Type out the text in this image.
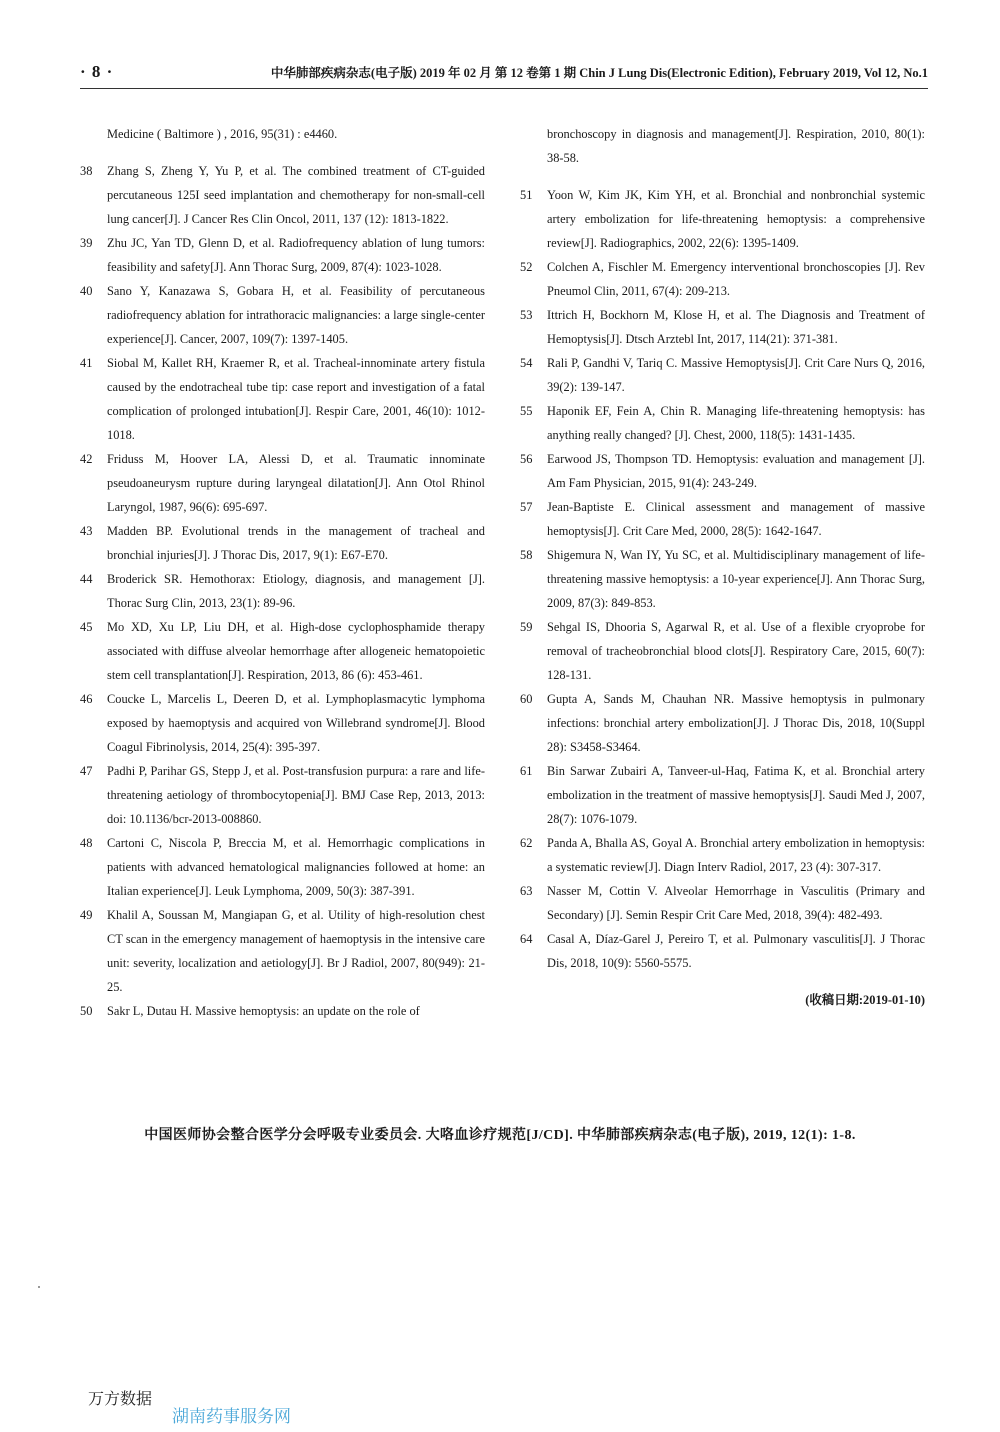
· 8 ·	中华肺部疾病杂志(电子版) 2019 年 02 月 第 12 卷第 1 期 Chin J Lung Dis(Electronic Edition), February 2019, Vol 12, No.1

Medicine ( Baltimore ) , 2016, 95(31) : e4460.

38	Zhang S, Zheng Y, Yu P, et al. The combined treatment of CT-guided percutaneous 125I seed implantation and chemotherapy for non-small-cell lung cancer[J]. J Cancer Res Clin Oncol, 2011, 137 (12): 1813-1822.
39	Zhu JC, Yan TD, Glenn D, et al. Radiofrequency ablation of lung tumors: feasibility and safety[J]. Ann Thorac Surg, 2009, 87(4): 1023-1028.
40	Sano Y, Kanazawa S, Gobara H, et al. Feasibility of percutaneous radiofrequency ablation for intrathoracic malignancies: a large single-center experience[J]. Cancer, 2007, 109(7): 1397-1405.
41	Siobal M, Kallet RH, Kraemer R, et al. Tracheal-innominate artery fistula caused by the endotracheal tube tip: case report and investigation of a fatal complication of prolonged intubation[J]. Respir Care, 2001, 46(10): 1012-1018.
42	Friduss M, Hoover LA, Alessi D, et al. Traumatic innominate pseudoaneurysm rupture during laryngeal dilatation[J]. Ann Otol Rhinol Laryngol, 1987, 96(6): 695-697.
43	Madden BP. Evolutional trends in the management of tracheal and bronchial injuries[J]. J Thorac Dis, 2017, 9(1): E67-E70.
44	Broderick SR. Hemothorax: Etiology, diagnosis, and management [J]. Thorac Surg Clin, 2013, 23(1): 89-96.
45	Mo XD, Xu LP, Liu DH, et al. High-dose cyclophosphamide therapy associated with diffuse alveolar hemorrhage after allogeneic hematopoietic stem cell transplantation[J]. Respiration, 2013, 86 (6): 453-461.
46	Coucke L, Marcelis L, Deeren D, et al. Lymphoplasmacytic lymphoma exposed by haemoptysis and acquired von Willebrand syndrome[J]. Blood Coagul Fibrinolysis, 2014, 25(4): 395-397.
47	Padhi P, Parihar GS, Stepp J, et al. Post-transfusion purpura: a rare and life-threatening aetiology of thrombocytopenia[J]. BMJ Case Rep, 2013, 2013: doi: 10.1136/bcr-2013-008860.
48	Cartoni C, Niscola P, Breccia M, et al. Hemorrhagic complications in patients with advanced hematological malignancies followed at home: an Italian experience[J]. Leuk Lymphoma, 2009, 50(3): 387-391.
49	Khalil A, Soussan M, Mangiapan G, et al. Utility of high-resolution chest CT scan in the emergency management of haemoptysis in the intensive care unit: severity, localization and aetiology[J]. Br J Radiol, 2007, 80(949): 21-25.
50	Sakr L, Dutau H. Massive hemoptysis: an update on the role of

bronchoscopy in diagnosis and management[J]. Respiration, 2010, 80(1): 38-58.

51	Yoon W, Kim JK, Kim YH, et al. Bronchial and nonbronchial systemic artery embolization for life-threatening hemoptysis: a comprehensive review[J]. Radiographics, 2002, 22(6): 1395-1409.
52	Colchen A, Fischler M. Emergency interventional bronchoscopies [J]. Rev Pneumol Clin, 2011, 67(4): 209-213.
53	Ittrich H, Bockhorn M, Klose H, et al. The Diagnosis and Treatment of Hemoptysis[J]. Dtsch Arztebl Int, 2017, 114(21): 371-381.
54	Rali P, Gandhi V, Tariq C. Massive Hemoptysis[J]. Crit Care Nurs Q, 2016, 39(2): 139-147.
55	Haponik EF, Fein A, Chin R. Managing life-threatening hemoptysis: has anything really changed? [J]. Chest, 2000, 118(5): 1431-1435.
56	Earwood JS, Thompson TD. Hemoptysis: evaluation and management [J]. Am Fam Physician, 2015, 91(4): 243-249.
57	Jean-Baptiste E. Clinical assessment and management of massive hemoptysis[J]. Crit Care Med, 2000, 28(5): 1642-1647.
58	Shigemura N, Wan IY, Yu SC, et al. Multidisciplinary management of life-threatening massive hemoptysis: a 10-year experience[J]. Ann Thorac Surg, 2009, 87(3): 849-853.
59	Sehgal IS, Dhooria S, Agarwal R, et al. Use of a flexible cryoprobe for removal of tracheobronchial blood clots[J]. Respiratory Care, 2015, 60(7): 128-131.
60	Gupta A, Sands M, Chauhan NR. Massive hemoptysis in pulmonary infections: bronchial artery embolization[J]. J Thorac Dis, 2018, 10(Suppl 28): S3458-S3464.
61	Bin Sarwar Zubairi A, Tanveer-ul-Haq, Fatima K, et al. Bronchial artery embolization in the treatment of massive hemoptysis[J]. Saudi Med J, 2007, 28(7): 1076-1079.
62	Panda A, Bhalla AS, Goyal A. Bronchial artery embolization in hemoptysis: a systematic review[J]. Diagn Interv Radiol, 2017, 23 (4): 307-317.
63	Nasser M, Cottin V. Alveolar Hemorrhage in Vasculitis (Primary and Secondary) [J]. Semin Respir Crit Care Med, 2018, 39(4): 482-493.
64	Casal A, Díaz-Garel J, Pereiro T, et al. Pulmonary vasculitis[J]. J Thorac Dis, 2018, 10(9): 5560-5575.
(收稿日期:2019-01-10)
中国医师协会整合医学分会呼吸专业委员会. 大咯血诊疗规范[J/CD]. 中华肺部疾病杂志(电子版), 2019, 12(1): 1-8.
万方数据
湖南药事服务网
